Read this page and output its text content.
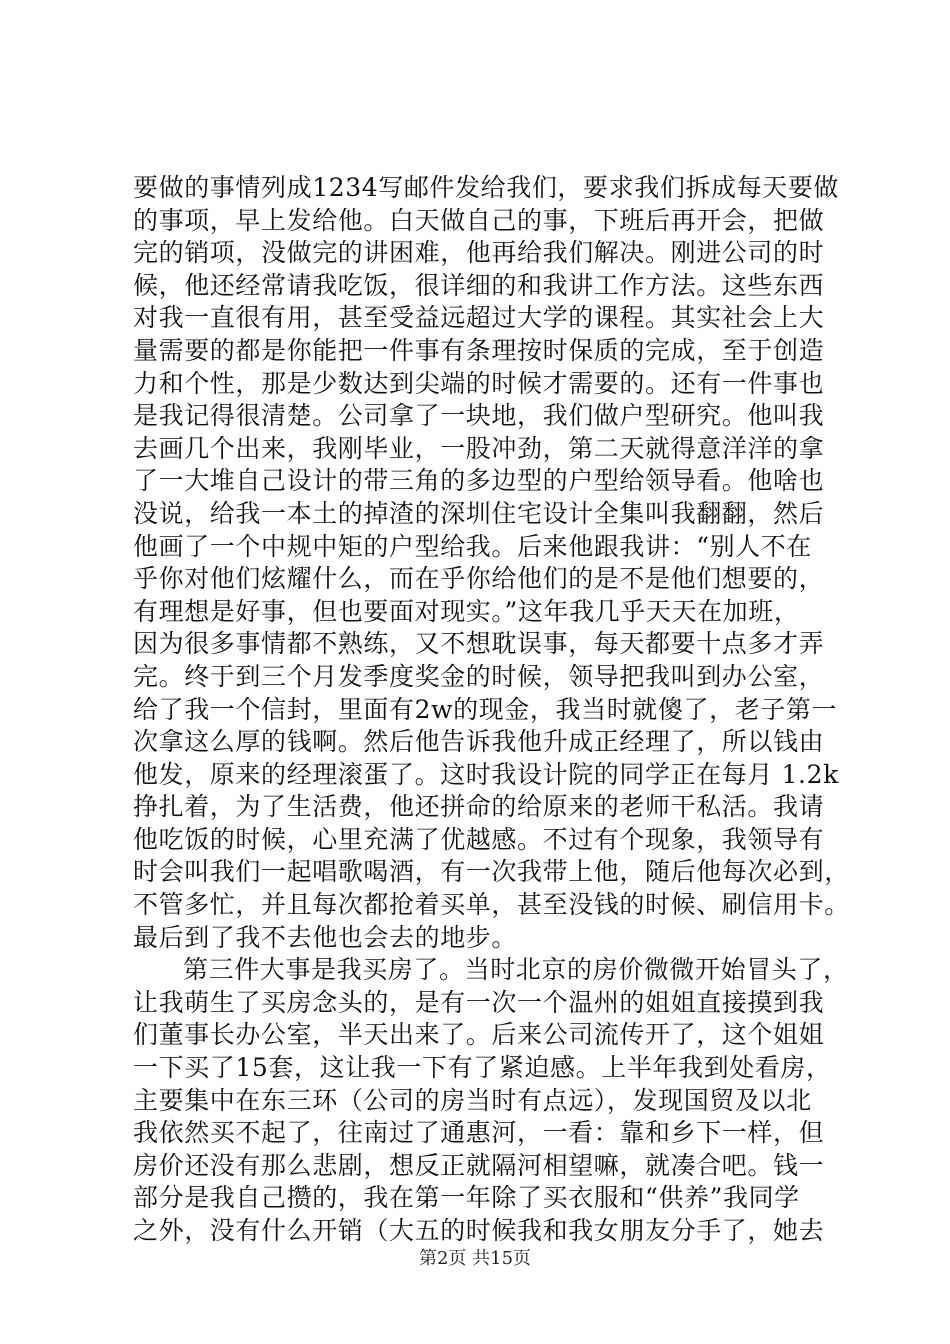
要做的事情列成1234写邮件发给我们，要求我们拆成每天要做
的事项，早上发给他。白天做自己的事，下班后再开会，把做
完的销项，没做完的讲困难，他再给我们解决。刚进公司的时
候，他还经常请我吃饭，很详细的和我讲工作方法。这些东西
对我一直很有用，甚至受益远超过大学的课程。其实社会上大
量需要的都是你能把一件事有条理按时保质的完成，至于创造
力和个性，那是少数达到尖端的时候才需要的。还有一件事也
是我记得很清楚。公司拿了一块地，我们做户型研究。他叫我
去画几个出来，我刚毕业，一股冲劲，第二天就得意洋洋的拿
了一大堆自己设计的带三角的多边型的户型给领导看。他啥也
没说，给我一本土的掉渣的深圳住宅设计全集叫我翻翻，然后
他画了一个中规中矩的户型给我。后来他跟我讲：“别人不在
乎你对他们炫耀什么，而在乎你给他们的是不是他们想要的，
有理想是好事，但也要面对现实。”这年我几乎天天在加班，
因为很多事情都不熟练，又不想耽误事，每天都要十点多才弄
完。终于到三个月发季度奖金的时候，领导把我叫到办公室，
给了我一个信封，里面有2w的现金，我当时就傻了，老子第一
次拿这么厚的钱啊。然后他告诉我他升成正经理了，所以钱由
他发，原来的经理滚蛋了。这时我设计院的同学正在每月 1.2k
挣扎着，为了生活费，他还拼命的给原来的老师干私活。我请
他吃饭的时候，心里充满了优越感。不过有个现象，我领导有
时会叫我们一起唱歌喝酒，有一次我带上他，随后他每次必到，
不管多忙，并且每次都抢着买单，甚至没钱的时候、刷信用卡。
最后到了我不去他也会去的地步。
第三件大事是我买房了。当时北京的房价微微开始冒头了，
让我萌生了买房念头的，是有一次一个温州的姐姐直接摸到我
们董事长办公室，半天出来了。后来公司流传开了，这个姐姐
一下买了15套，这让我一下有了紧迫感。上半年我到处看房，
主要集中在东三环（公司的房当时有点远），发现国贸及以北
我依然买不起了，往南过了通惠河，一看：靠和乡下一样，但
房价还没有那么悲剧，想反正就隔河相望嘛，就凑合吧。钱一
部分是我自己攒的，我在第一年除了买衣服和“供养”我同学
之外，没有什么开销（大五的时候我和我女朋友分手了，她去
第2页 共15页
